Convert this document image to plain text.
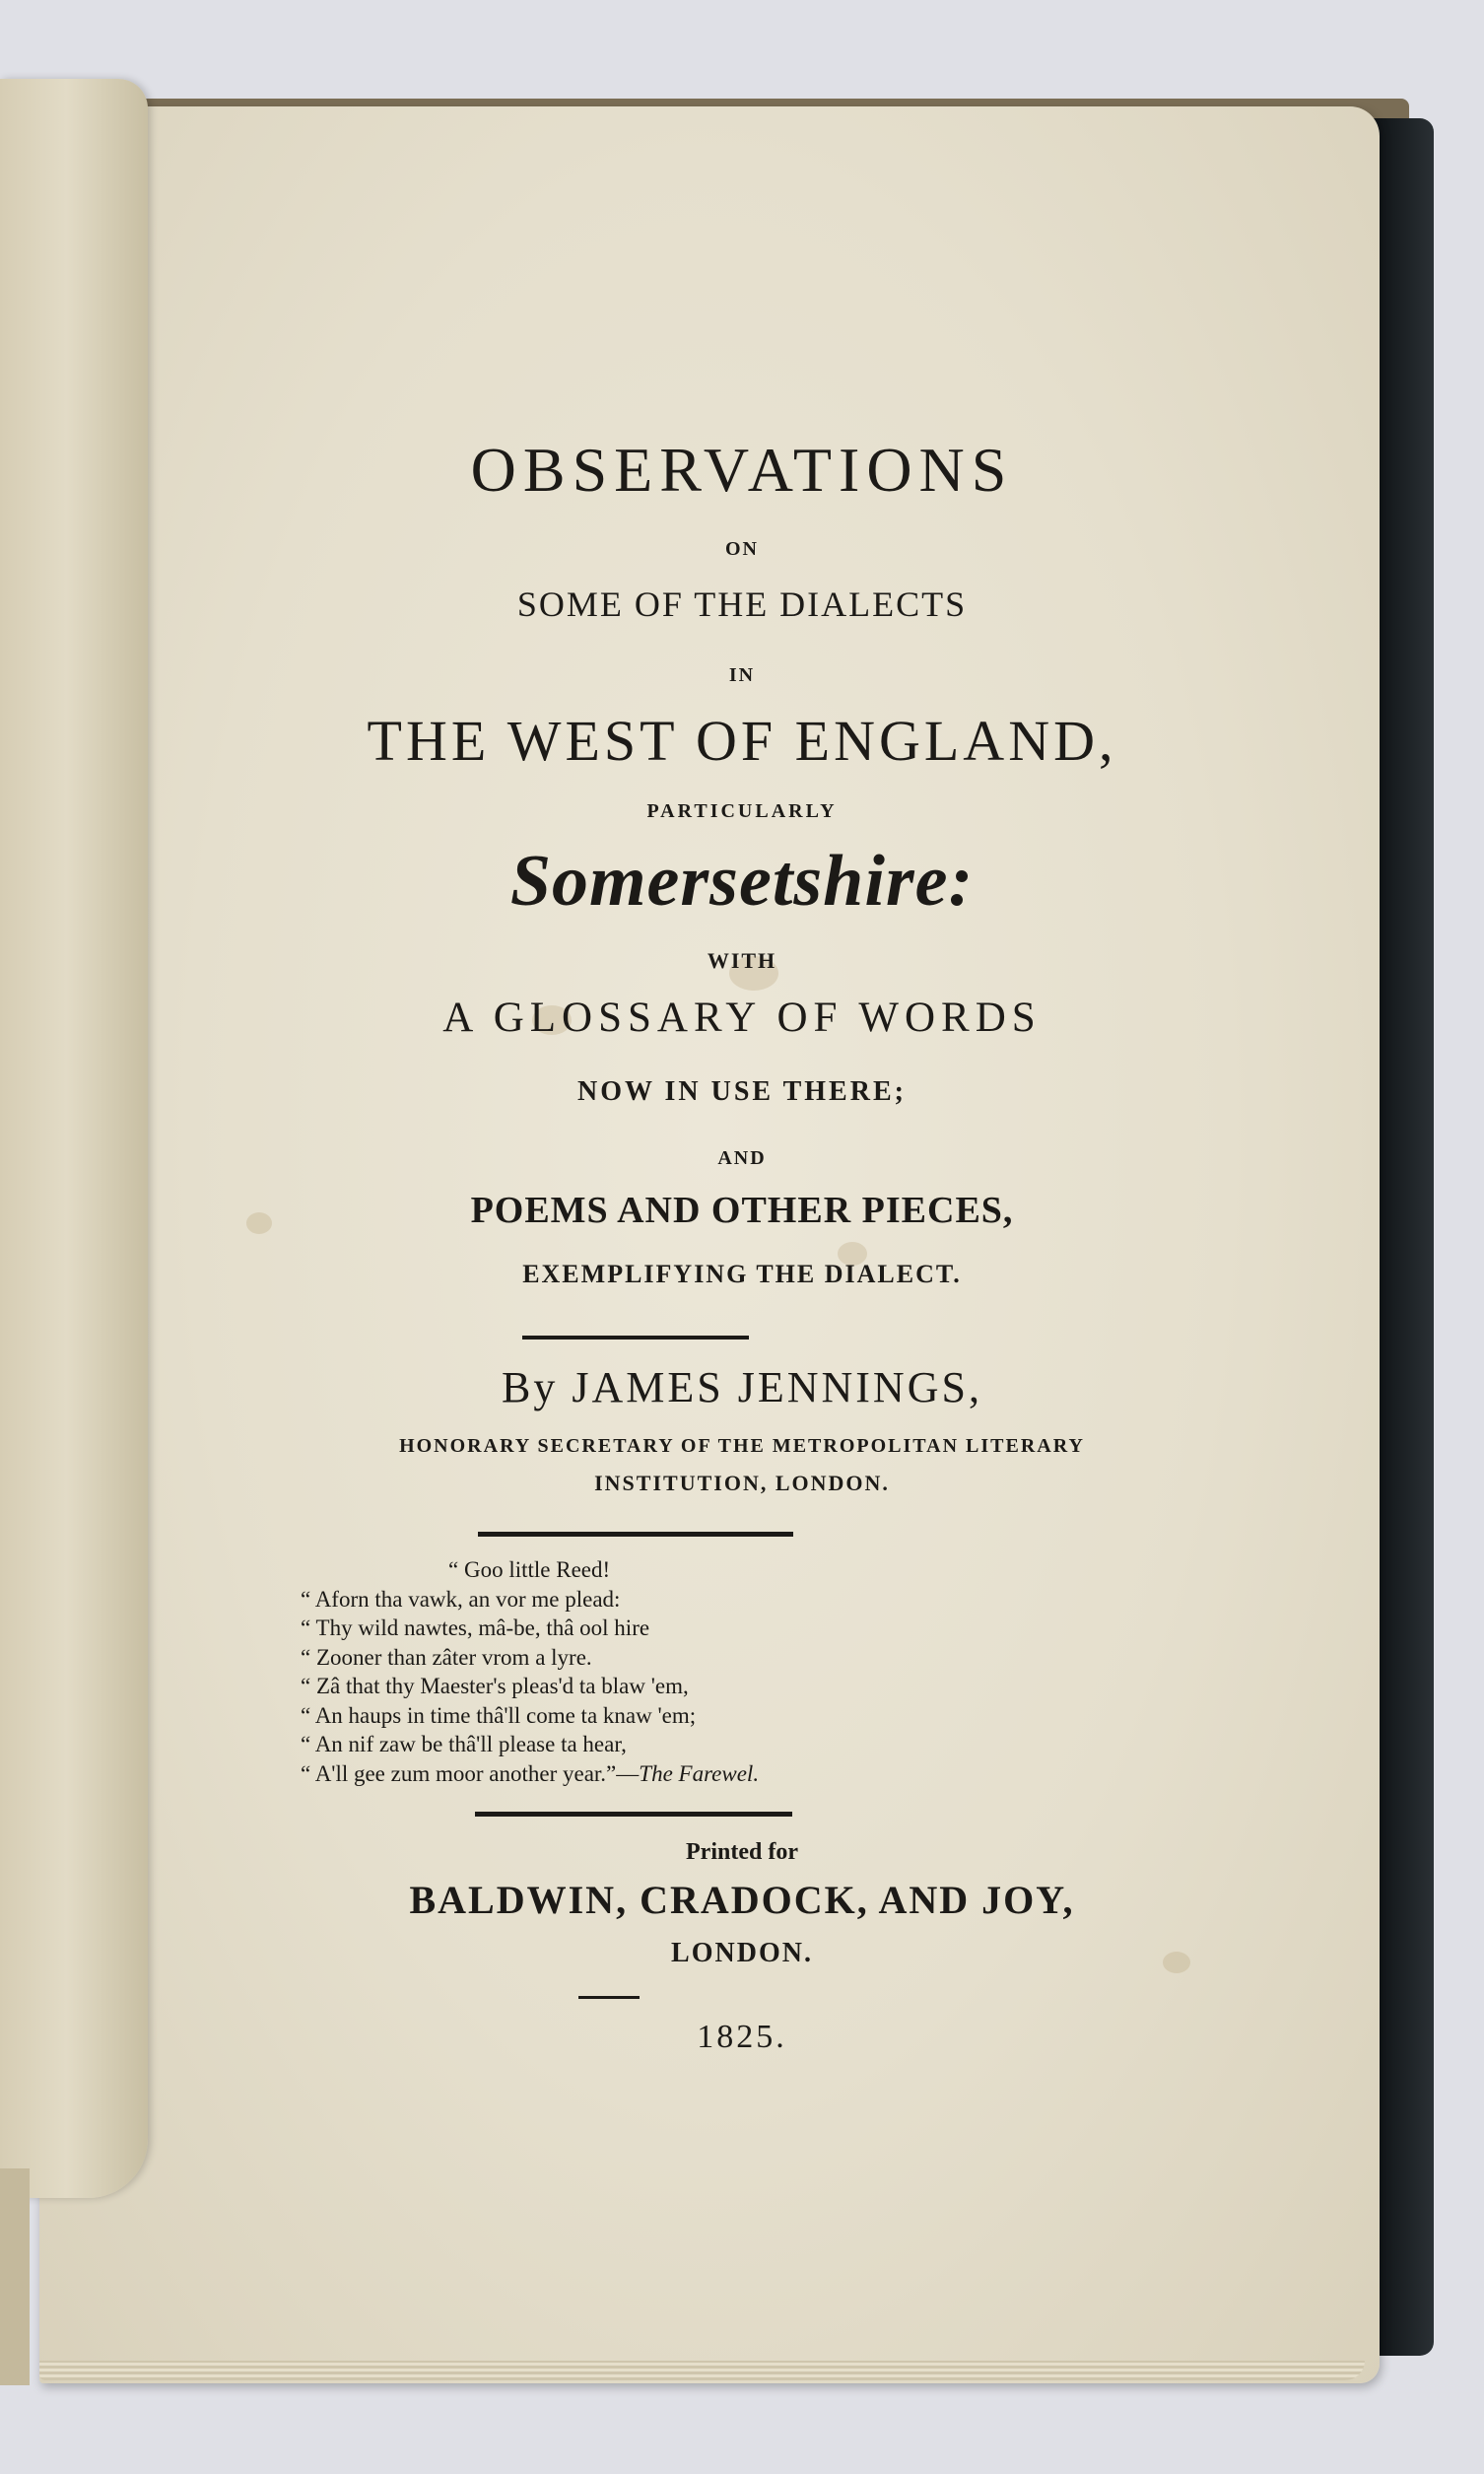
OBSERVATIONS
ON
SOME OF THE DIALECTS
IN
THE WEST OF ENGLAND,
PARTICULARLY
Somersetshire:
WITH
A GLOSSARY OF WORDS
NOW IN USE THERE;
AND
POEMS AND OTHER PIECES,
EXEMPLIFYING THE DIALECT.
By JAMES JENNINGS,
HONORARY SECRETARY OF THE METROPOLITAN LITERARY
INSTITUTION, LONDON.
“ Goo little Reed!
“ Aforn tha vawk, an vor me plead:
“ Thy wild nawtes, mâ-be, thâ ool hire
“ Zooner than zâter vrom a lyre.
“ Zâ that thy Maester's pleas'd ta blaw 'em,
“ An haups in time thâ'll come ta knaw 'em;
“ An nif zaw be thâ'll please ta hear,
“ A'll gee zum moor another year.”—The Farewel.
Printed for
BALDWIN, CRADOCK, AND JOY,
LONDON.
1825.
